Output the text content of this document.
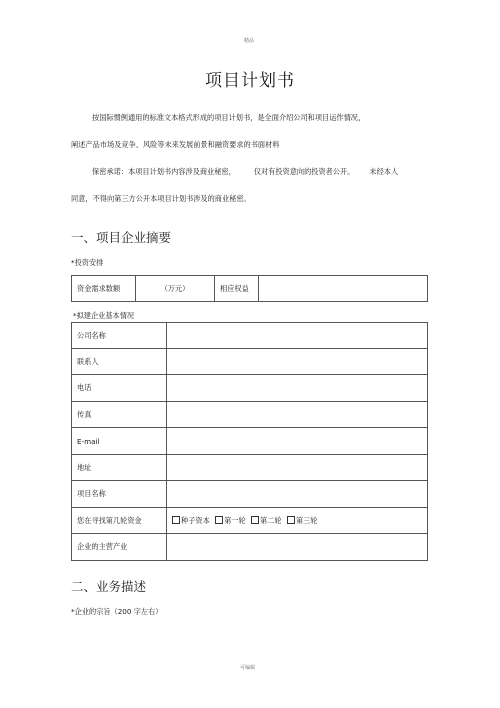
精品
项目计划书
按国际惯例通用的标准文本格式形成的项目计划书，是全面介绍公司和项目运作情况，
阐述产品市场及竞争、风险等未来发展前景和融资要求的书面材料
保密承诺：本项目计划书内容涉及商业秘密，	仅对有投资意向的投资者公开。 未经本人
同意，不得向第三方公开本项目计划书涉及的商业秘密。
一、项目企业摘要
*投资安排
资金需求数额	（万元）	相应权益	
*拟建企业基本情况
公司名称	
联系人	
电话	
传真	
E-mail	
地址	
项目名称	
您在寻找第几轮资金	种子资本 第一轮 第二轮 第三轮
企业的主营产业	
二、业务描述
*企业的宗旨（200 字左右）
可编辑
